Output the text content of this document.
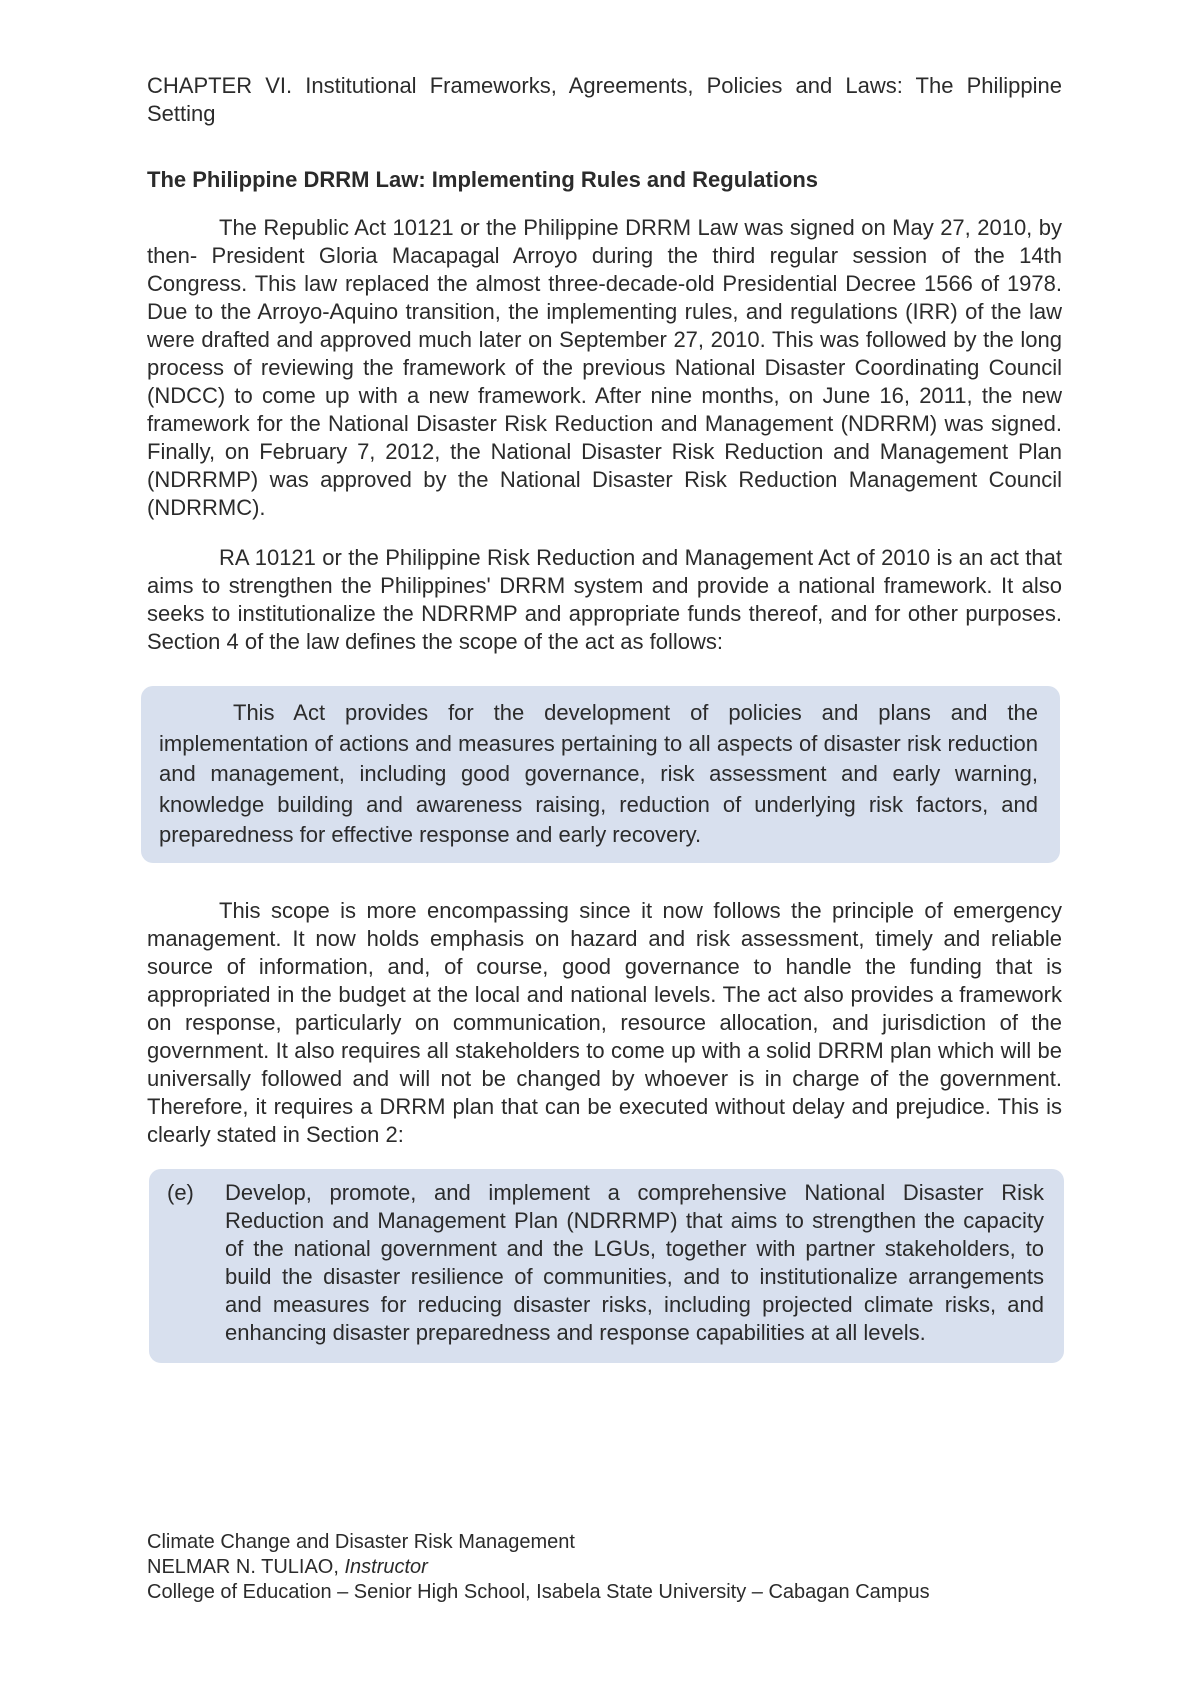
CHAPTER VI. Institutional Frameworks, Agreements, Policies and Laws: The Philippine Setting

The Philippine DRRM Law: Implementing Rules and Regulations

The Republic Act 10121 or the Philippine DRRM Law was signed on May 27, 2010, by then- President Gloria Macapagal Arroyo during the third regular session of the 14th Congress. This law replaced the almost three-decade-old Presidential Decree 1566 of 1978. Due to the Arroyo-Aquino transition, the implementing rules, and regulations (IRR) of the law were drafted and approved much later on September 27, 2010. This was followed by the long process of reviewing the framework of the previous National Disaster Coordinating Council (NDCC) to come up with a new framework. After nine months, on June 16, 2011, the new framework for the National Disaster Risk Reduction and Management (NDRRM) was signed. Finally, on February 7, 2012, the National Disaster Risk Reduction and Management Plan (NDRRMP) was approved by the National Disaster Risk Reduction Management Council (NDRRMC).

RA 10121 or the Philippine Risk Reduction and Management Act of 2010 is an act that aims to strengthen the Philippines' DRRM system and provide a national framework. It also seeks to institutionalize the NDRRMP and appropriate funds thereof, and for other purposes. Section 4 of the law defines the scope of the act as follows:

This Act provides for the development of policies and plans and the implementation of actions and measures pertaining to all aspects of disaster risk reduction and management, including good governance, risk assessment and early warning, knowledge building and awareness raising, reduction of underlying risk factors, and preparedness for effective response and early recovery.

This scope is more encompassing since it now follows the principle of emergency management. It now holds emphasis on hazard and risk assessment, timely and reliable source of information, and, of course, good governance to handle the funding that is appropriated in the budget at the local and national levels. The act also provides a framework on response, particularly on communication, resource allocation, and jurisdiction of the government. It also requires all stakeholders to come up with a solid DRRM plan which will be universally followed and will not be changed by whoever is in charge of the government. Therefore, it requires a DRRM plan that can be executed without delay and prejudice. This is clearly stated in Section 2:

(e)	Develop, promote, and implement a comprehensive National Disaster Risk Reduction and Management Plan (NDRRMP) that aims to strengthen the capacity of the national government and the LGUs, together with partner stakeholders, to build the disaster resilience of communities, and to institutionalize arrangements and measures for reducing disaster risks, including projected climate risks, and enhancing disaster preparedness and response capabilities at all levels.

Climate Change and Disaster Risk Management
NELMAR N. TULIAO, Instructor
College of Education – Senior High School, Isabela State University – Cabagan Campus
